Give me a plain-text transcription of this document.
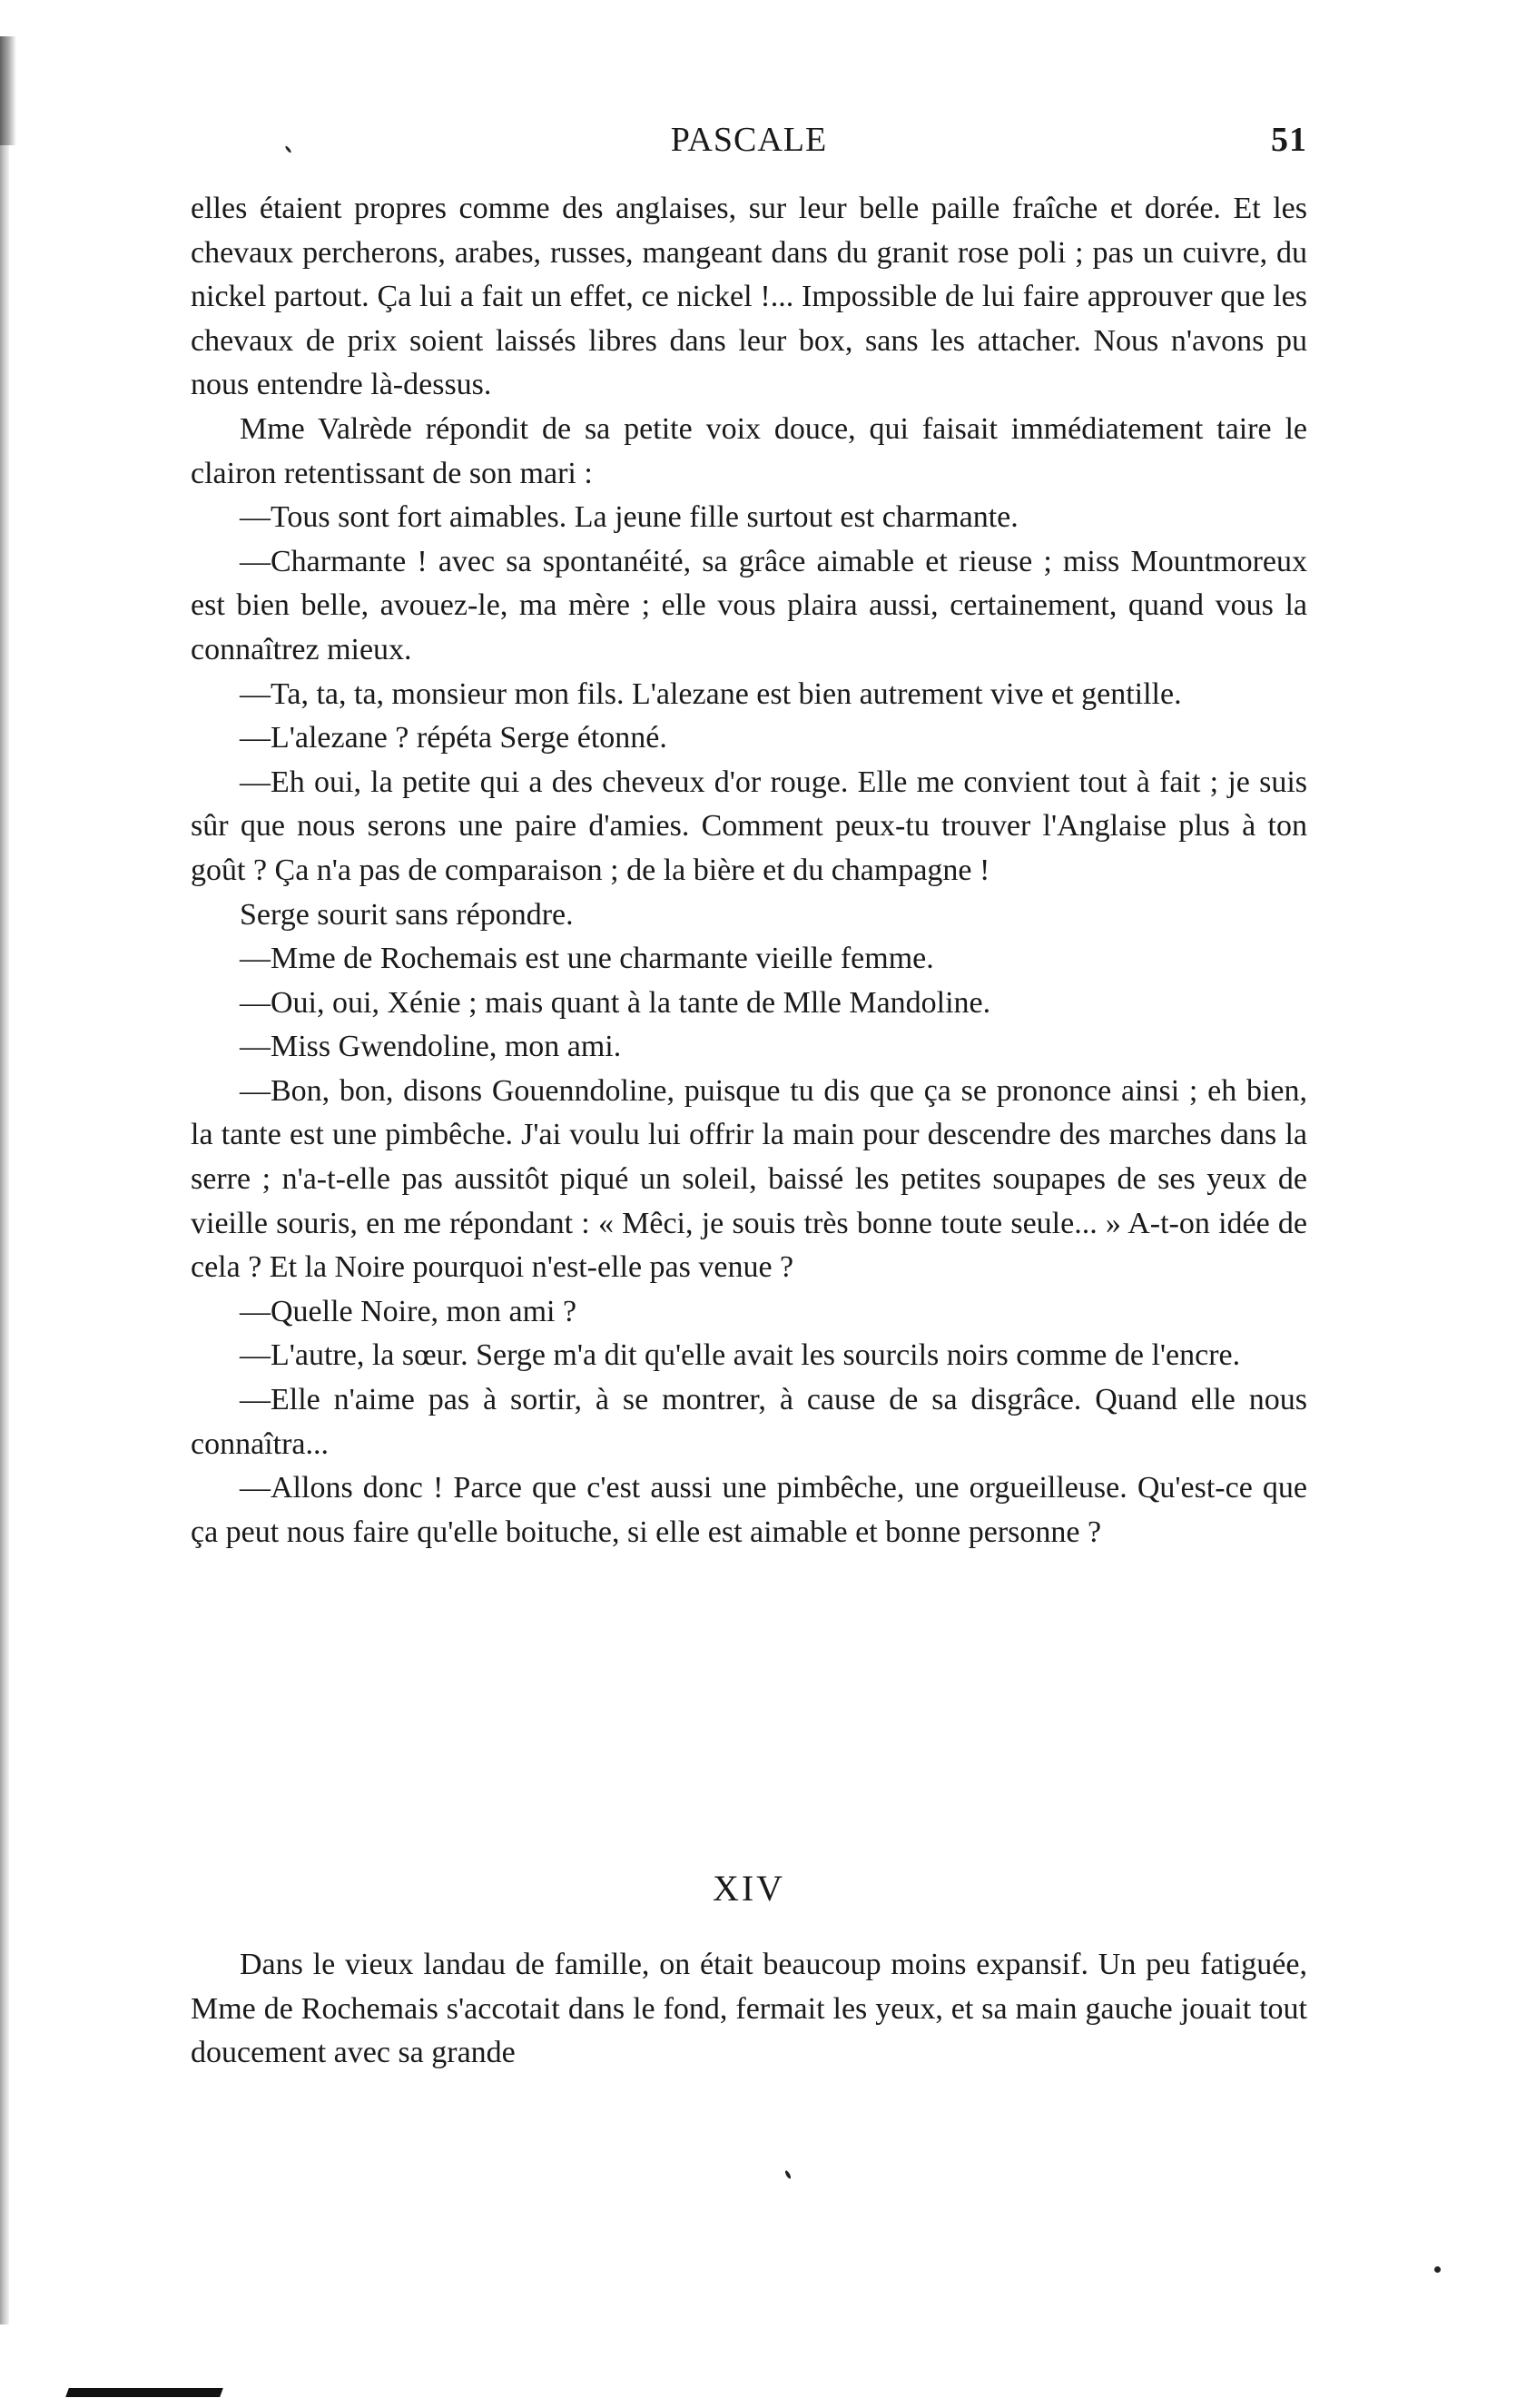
PASCALE	51

elles étaient propres comme des anglaises, sur leur belle paille fraîche et dorée. Et les chevaux percherons, arabes, russes, mangeant dans du granit rose poli ; pas un cuivre, du nickel partout. Ça lui a fait un effet, ce nickel !... Impossible de lui faire approuver que les chevaux de prix soient laissés libres dans leur box, sans les attacher. Nous n'avons pu nous entendre là-dessus.

Mme Valrède répondit de sa petite voix douce, qui faisait immédiatement taire le clairon retentissant de son mari :

—Tous sont fort aimables. La jeune fille surtout est charmante.

—Charmante ! avec sa spontanéité, sa grâce aimable et rieuse ; miss Mountmoreux est bien belle, avouez-le, ma mère ; elle vous plaira aussi, certainement, quand vous la connaîtrez mieux.

—Ta, ta, ta, monsieur mon fils. L'alezane est bien autrement vive et gentille.

—L'alezane ? répéta Serge étonné.

—Eh oui, la petite qui a des cheveux d'or rouge. Elle me convient tout à fait ; je suis sûr que nous serons une paire d'amies. Comment peux-tu trouver l'Anglaise plus à ton goût ? Ça n'a pas de comparaison ; de la bière et du champagne !

Serge sourit sans répondre.

—Mme de Rochemais est une charmante vieille femme.

—Oui, oui, Xénie ; mais quant à la tante de Mlle Mandoline.

—Miss Gwendoline, mon ami.

—Bon, bon, disons Gouenndoline, puisque tu dis que ça se prononce ainsi ; eh bien, la tante est une pimbêche. J'ai voulu lui offrir la main pour descendre des marches dans la serre ; n'a-t-elle pas aussitôt piqué un soleil, baissé les petites soupapes de ses yeux de vieille souris, en me répondant : « Mêci, je souis très bonne toute seule... » A-t-on idée de cela ? Et la Noire pourquoi n'est-elle pas venue ?

—Quelle Noire, mon ami ?

—L'autre, la sœur. Serge m'a dit qu'elle avait les sourcils noirs comme de l'encre.

—Elle n'aime pas à sortir, à se montrer, à cause de sa disgrâce. Quand elle nous connaîtra...

—Allons donc ! Parce que c'est aussi une pimbêche, une orgueilleuse. Qu'est-ce que ça peut nous faire qu'elle boituche, si elle est aimable et bonne personne ?

XIV

Dans le vieux landau de famille, on était beaucoup moins expansif. Un peu fatiguée, Mme de Rochemais s'accotait dans le fond, fermait les yeux, et sa main gauche jouait tout doucement avec sa grande
